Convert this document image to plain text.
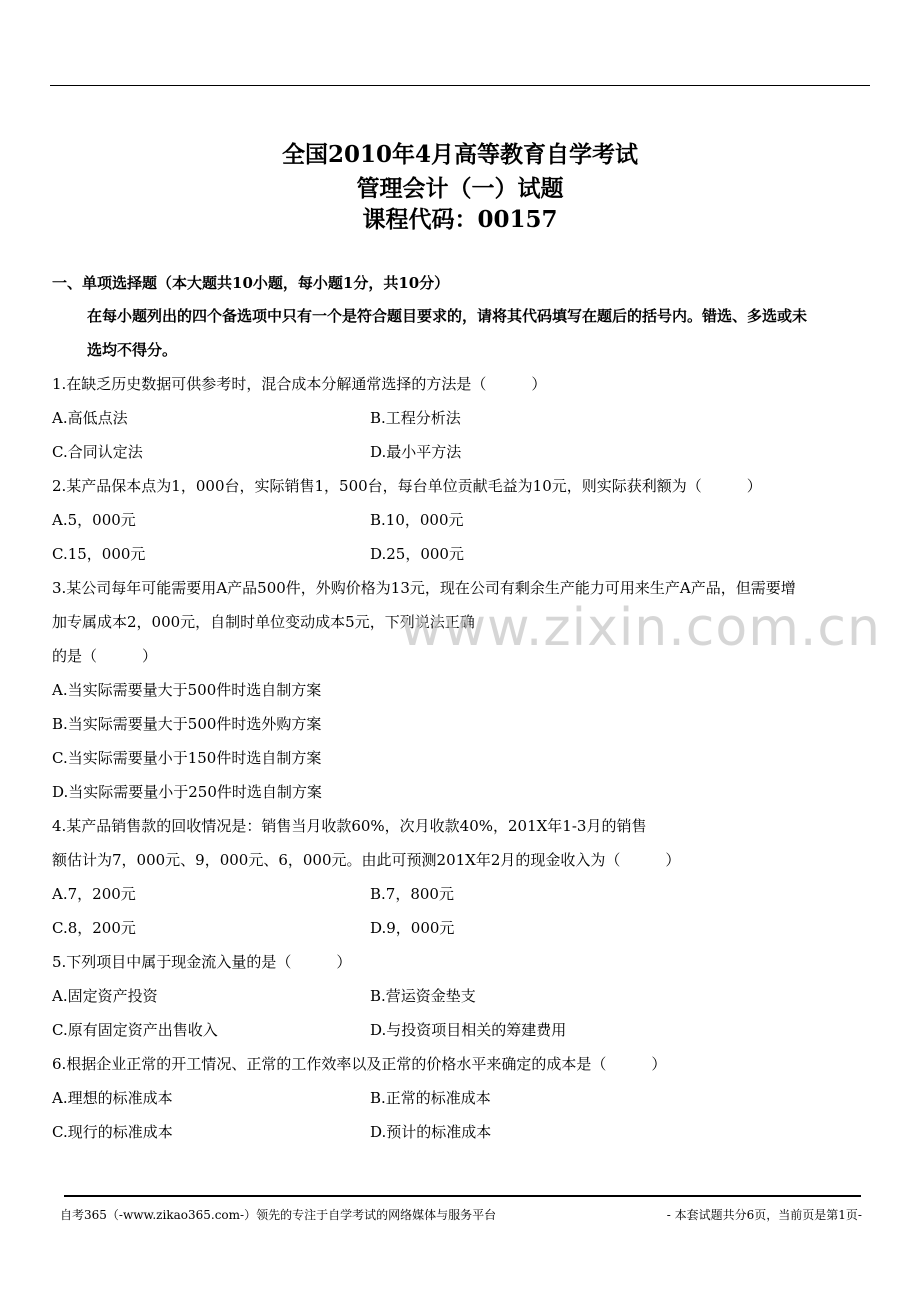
全国2010年4月高等教育自学考试
管理会计（一）试题
课程代码：00157
一、单项选择题（本大题共10小题，每小题1分，共10分）
在每小题列出的四个备选项中只有一个是符合题目要求的，请将其代码填写在题后的括号内。错选、多选或未
选均不得分。
1.在缺乏历史数据可供参考时，混合成本分解通常选择的方法是（　　　）
A.高低点法	B.工程分析法
C.合同认定法	D.最小平方法
2.某产品保本点为1，000台，实际销售1，500台，每台单位贡献毛益为10元，则实际获利额为（　　　）
A.5，000元	B.10，000元
C.15，000元	D.25，000元
3.某公司每年可能需要用A产品500件，外购价格为13元，现在公司有剩余生产能力可用来生产A产品，但需要增
加专属成本2，000元，自制时单位变动成本5元，下列说法正确
的是（　　　）
A.当实际需要量大于500件时选自制方案
B.当实际需要量大于500件时选外购方案
C.当实际需要量小于150件时选自制方案
D.当实际需要量小于250件时选自制方案
4.某产品销售款的回收情况是：销售当月收款60%，次月收款40%，201X年1-3月的销售
额估计为7，000元、9，000元、6，000元。由此可预测201X年2月的现金收入为（　　　）
A.7，200元	B.7，800元
C.8，200元	D.9，000元
5.下列项目中属于现金流入量的是（　　　）
A.固定资产投资	B.营运资金垫支
C.原有固定资产出售收入	D.与投资项目相关的筹建费用
6.根据企业正常的开工情况、正常的工作效率以及正常的价格水平来确定的成本是（　　　）
A.理想的标准成本	B.正常的标准成本
C.现行的标准成本	D.预计的标准成本
www.zixin.com.cn
自考365（-www.zikao365.com-）领先的专注于自学考试的网络媒体与服务平台	- 本套试题共分6页，当前页是第1页-
